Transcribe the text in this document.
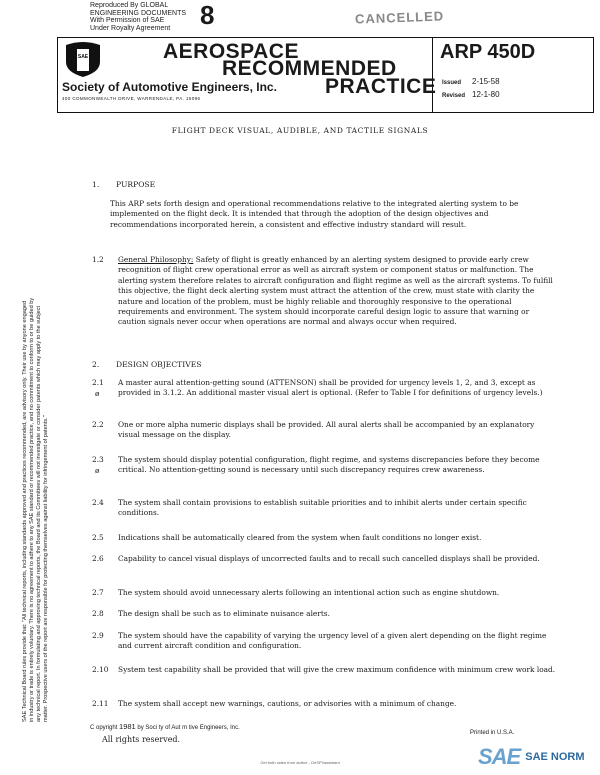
Reproduced By GLOBAL
ENGINEERING DOCUMENTS
With Permission of SAE
Under Royalty Agreement	8	CANCELLED
SAE	AEROSPACE
RECOMMENDED
PRACTICE
Society of Automotive Engineers, Inc.
400 COMMONWEALTH DRIVE, WARRENDALE, PA. 15096
ARP 450D
Issued 2-15-58
Revised 12-1-80
SAE Technical Board rules provide that: "All technical reports, including standards approved and practices recommended, are advisory only. Their use by anyone engaged in industry or trade is entirely voluntary. There is no agreement to adhere to any SAE standard or recommended practice, and no commitment to conform to or be guided by any technical report. In formulating and approving technical reports, the Board and its Committees will not investigate or consider patents which may apply to the subject matter. Prospective users of the report are responsible for protecting themselves against liability for infringement of patents."
FLIGHT DECK VISUAL, AUDIBLE, AND TACTILE SIGNALS
1. PURPOSE
This ARP sets forth design and operational recommendations relative to the integrated alerting system to be implemented on the flight deck. It is intended that through the adoption of the design objectives and recommendations incorporated herein, a consistent and effective industry standard will result.
1.2 General Philosophy: Safety of flight is greatly enhanced by an alerting system designed to provide early crew recognition of flight crew operational error as well as aircraft system or component status or malfunction. The alerting system therefore relates to aircraft configuration and flight regime as well as the aircraft systems. To fulfill this objective, the flight deck alerting system must attract the attention of the crew, must state with clarity the nature and location of the problem, must be highly reliable and thoroughly responsive to the operational requirements and environment. The system should incorporate careful design logic to assure that warning or caution signals never occur when operations are normal and always occur when required.
2. DESIGN OBJECTIVES
2.1
ø
A master aural attention-getting sound (ATTENSON) shall be provided for urgency levels 1, 2, and 3, except as provided in 3.1.2. An additional master visual alert is optional. (Refer to Table I for definitions of urgency levels.)
2.2 One or more alpha numeric displays shall be provided. All aural alerts shall be accompanied by an explanatory visual message on the display.
2.3
ø
The system should display potential configuration, flight regime, and systems discrepancies before they become critical. No attention-getting sound is necessary until such discrepancy requires crew awareness.
2.4 The system shall contain provisions to establish suitable priorities and to inhibit alerts under certain specific conditions.
2.5 Indications shall be automatically cleared from the system when fault conditions no longer exist.
2.6 Capability to cancel visual displays of uncorrected faults and to recall such cancelled displays shall be provided.
2.7 The system should avoid unnecessary alerts following an intentional action such as engine shutdown.
2.8 The design shall be such as to eliminate nuisance alerts.
2.9 The system should have the capability of varying the urgency level of a given alert depending on the flight regime and current aircraft condition and configuration.
2.10 System test capability shall be provided that will give the crew maximum confidence with minimum crew work load.
2.11 The system shall accept new warnings, cautions, or advisories with a minimum of change.
C opyright 1981 by Soci ty of Aut m tive Engineers, Inc.
All rights reserved.
Printed in U.S.A.
Get both sides from author - DeSPI/assistant	SAE SAE NORM
